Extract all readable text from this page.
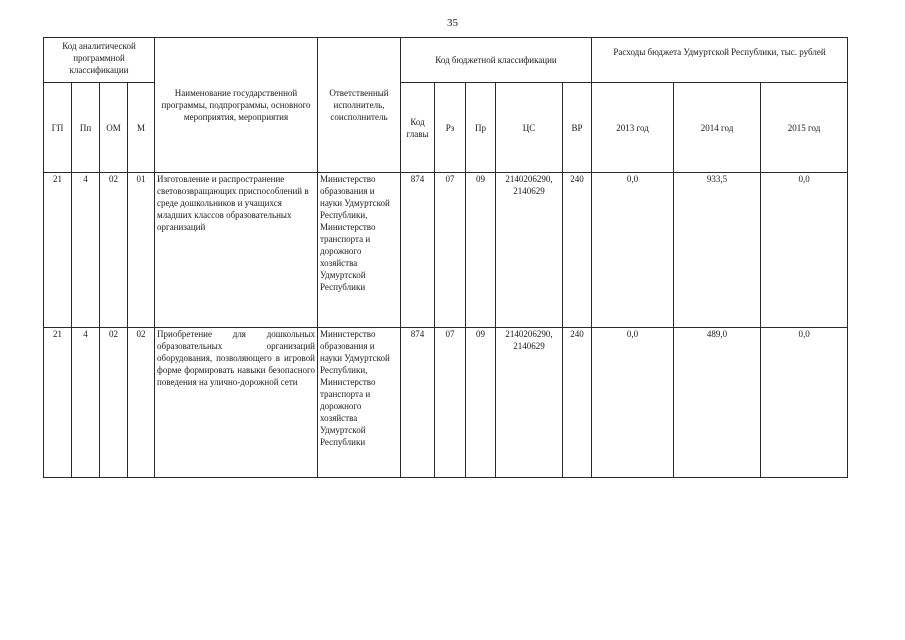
35
Код аналитической программной классификации				Наименование государственной программы, подпрограммы, основного мероприятия, мероприятия	Ответственный исполнитель, соисполнитель	Код бюджетной классификации					Расходы бюджета Удмуртской Республики, тыс. рублей		
ГП	Пп	ОМ	М			Код главы	Рз	Пр	ЦС	ВР	2013 год	2014 год	2015 год
21	4	02	01	Изготовление и распространение световозвращающих приспособлений в среде дошкольников и учащихся младших классов образовательных организаций	Министерство образования и науки Удмуртской Республики, Министерство транспорта и дорожного хозяйства Удмуртской Республики	874	07	09	2140206290, 2140629	240	0,0	933,5	0,0
21	4	02	02	Приобретение для дошкольных образовательных организаций оборудования, позволяющего в игровой форме формировать навыки безопасного поведения на улично-дорожной сети	Министерство образования и науки Удмуртской Республики, Министерство транспорта и дорожного хозяйства Удмуртской Республики	874	07	09	2140206290, 2140629	240	0,0	489,0	0,0
